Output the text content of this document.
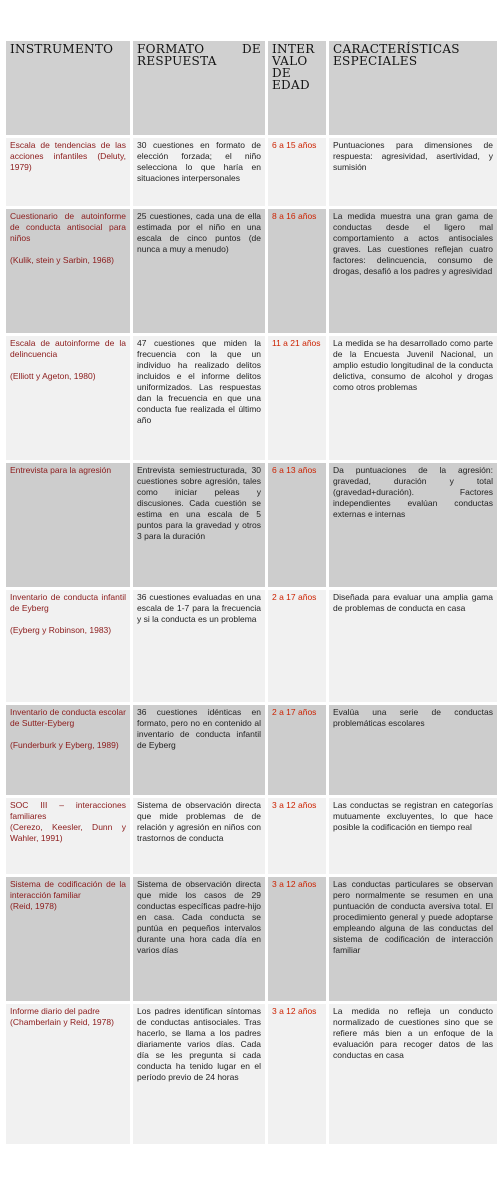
INSTRUMENTO	FORMATO DE RESPUESTA	INTER VALO DE EDAD	CARACTERÍSTICAS ESPECIALES
Escala de tendencias de las acciones infantiles (Deluty, 1979)	30 cuestiones en formato de elección forzada; el niño selecciona lo que haría en situaciones interpersonales	6 a 15 años	Puntuaciones para dimensiones de respuesta: agresividad, asertividad, y sumisión

Cuestionario de autoinforme de conducta antisocial para niños

(Kulik, stein y Sarbin, 1968)	25 cuestiones, cada una de ella estimada por el niño en una escala de cinco puntos (de nunca a muy a menudo)	8 a 16 años	La medida muestra una gran gama de conductas desde el ligero mal comportamiento a actos antisociales graves. Las cuestiones reflejan cuatro factores: delincuencia, consumo de drogas, desafió a los padres y agresividad

Escala de autoinforme de la delincuencia

(Elliott y Ageton, 1980)	47 cuestiones que miden la frecuencia con la que un individuo ha realizado delitos incluidos e el informe delitos uniformizados. Las respuestas dan la frecuencia en que una conducta fue realizada el último año	11 a 21 años	La medida se ha desarrollado como parte de la Encuesta Juvenil Nacional, un amplio estudio longitudinal de la conducta delictiva, consumo de alcohol y drogas como otros problemas
Entrevista para la agresión	Entrevista semiestructurada, 30 cuestiones sobre agresión, tales como iniciar peleas y discusiones. Cada cuestión se estima en una escala de 5 puntos para la gravedad y otros 3 para la duración	6 a 13 años	Da puntuaciones de la agresión: gravedad, duración y total (gravedad+duración). Factores independientes evalúan conductas externas e internas

Inventario de conducta infantil de Eyberg

(Eyberg y Robinson, 1983)	36 cuestiones evaluadas en una escala de 1-7 para la frecuencia y si la conducta es un problema	2 a 17 años	Diseñada para evaluar una amplia gama de problemas de conducta en casa

Inventario de conducta escolar de Sutter-Eyberg

(Funderburk y Eyberg, 1989)	36 cuestiones idénticas en formato, pero no en contenido al inventario de conducta infantil de Eyberg	2 a 17 años	Evalúa una serie de conductas problemáticas escolares

SOC III – interacciones familiares
(Cerezo, Keesler, Dunn y Wahler, 1991)	Sistema de observación directa que mide problemas de de relación y agresión en niños con trastornos de conducta	3 a 12 años	Las conductas se registran en categorías mutuamente excluyentes, lo que hace posible la codificación en tiempo real

Sistema de codificación de la interacción familiar
(Reid, 1978)	Sistema de observación directa que mide los casos de 29 conductas específicas padre-hijo en casa. Cada conducta se puntúa en pequeños intervalos durante una hora cada día en varios días	3 a 12 años	Las conductas particulares se observan pero normalmente se resumen en una puntuación de conducta aversiva total. El procedimiento general y puede adoptarse empleando alguna de las conductas del sistema de codificación de interacción familiar

Informe diario del padre
(Chamberlain y Reid, 1978)	Los padres identifican síntomas de conductas antisociales. Tras hacerlo, se llama a los padres diariamente varios días. Cada día se les pregunta si cada conducta ha tenido lugar en el período previo de 24 horas	3 a 12 años	La medida no refleja un conducto normalizado de cuestiones sino que se refiere más bien a un enfoque de la evaluación para recoger datos de las conductas en casa
